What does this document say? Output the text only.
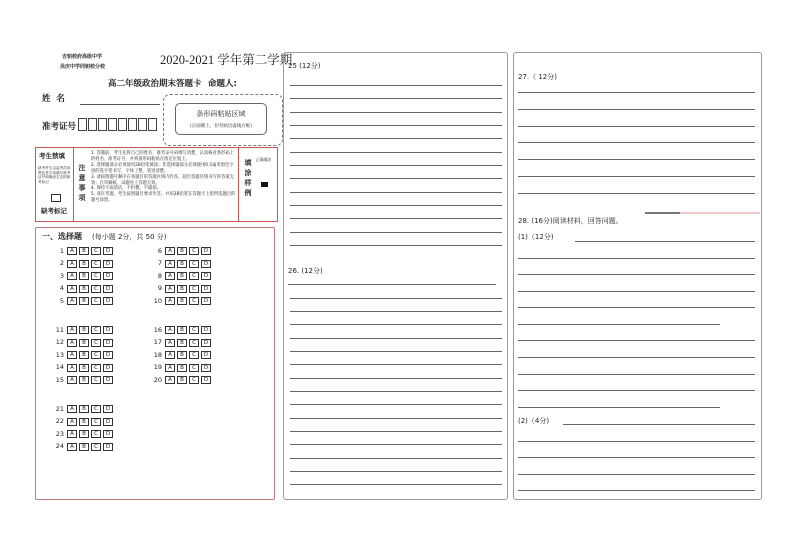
吉钥校府高级中学
吴庆中学同钥校分校	2020-2021 学年第二学期
高二年级政治期末答题卡 命题人:
姓  名
准考证号
条形码粘贴区域
(正面朝上，切勿贴出虚线方框)
考生禁填
缺考考生由监考员用黑色签字笔填写准考证号和填涂右边的缺考标记
缺考标记
注意事项
1. 答题前，考生先将自己的姓名、准考证号码填写清楚，认真核对条形码上的姓名、准考证号，并将条形码粘贴在指定位置上。
2. 选择题部分必须使用2B铅笔填涂；非选择题部分必须使用0.5毫米黑色字迹的签字笔书写，字体工整、笔迹清楚。
3. 请按照题号顺序在各题目的答题区域内作答，超出答题区域书写的答案无效；在草稿纸、试题卷上答题无效。
4. 保持卡面清洁，不折叠，不破损。
5. 请在考题，考生按照题目要求作答，并用2B铅笔在答题卡上把所选题目的题号涂黑。
填涂样例 正确填涂
一、选择题 (每小题 2分，共 50 分)
1	A	B	C	D
2	A	B	C	D
3	A	B	C	D
4	A	B	C	D
5	A	B	C	D
6	A	B	C	D
7	A	B	C	D
8	A	B	C	D
9	A	B	C	D
10	A	B	C	D
11	A	B	C	D
12	A	B	C	D
13	A	B	C	D
14	A	B	C	D
15	A	B	C	D
16	A	B	C	D
17	A	B	C	D
18	A	B	C	D
19	A	B	C	D
20	A	B	C	D
21	A	B	C	D
22	A	B	C	D
23	A	B	C	D
24	A	B	C	D
25 (12分)
26. (12分)
27.（ 12分)
28. (16分)阅读材料，回答问题。
(1)（12分)
(2)（4分)
